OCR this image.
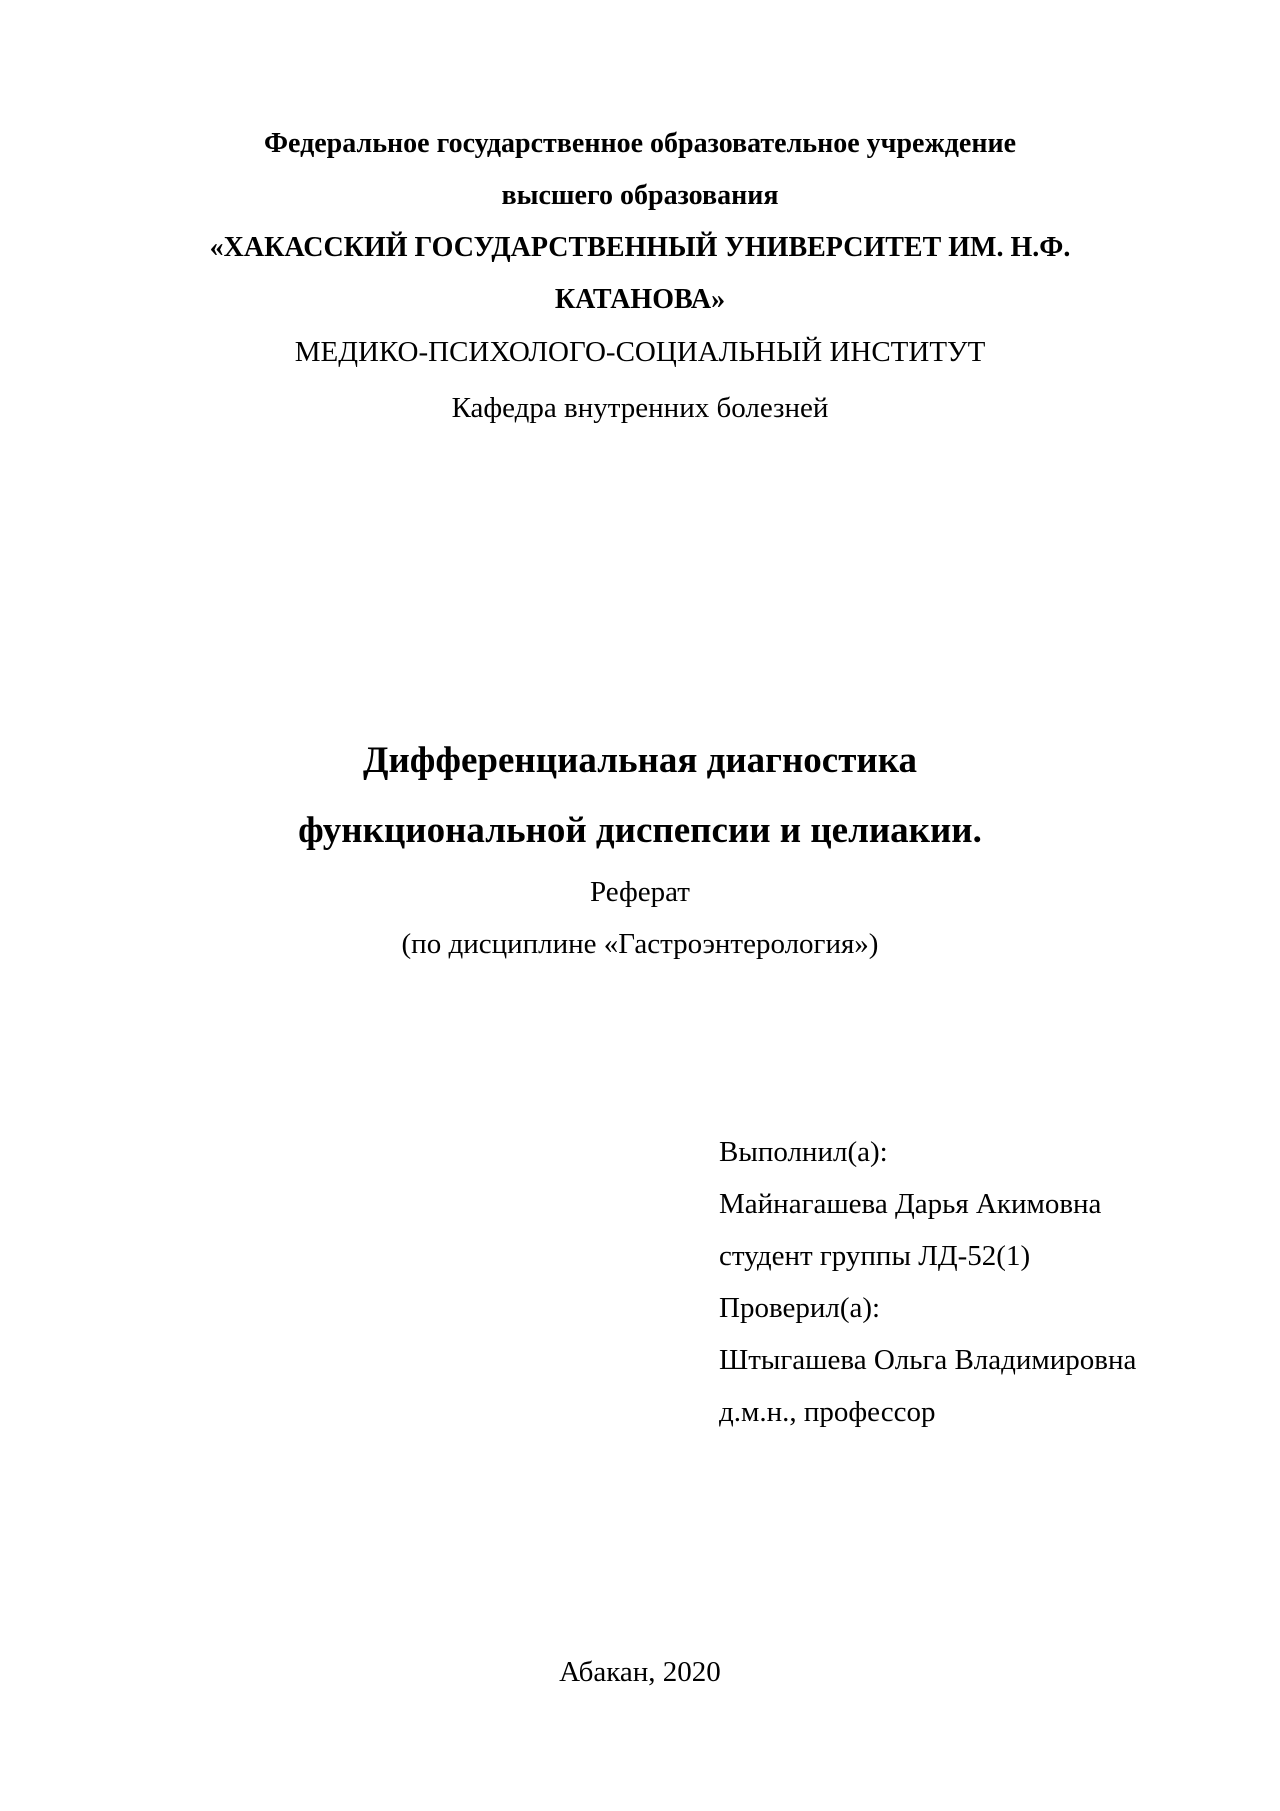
Федеральное государственное образовательное учреждение
высшего образования
«ХАКАССКИЙ ГОСУДАРСТВЕННЫЙ УНИВЕРСИТЕТ ИМ. Н.Ф.
КАТАНОВА»
МЕДИКО-ПСИХОЛОГО-СОЦИАЛЬНЫЙ ИНСТИТУТ
Кафедра внутренних болезней
Дифференциальная диагностика
функциональной диспепсии и целиакии.
Реферат
(по дисциплине «Гастроэнтерология»)
Выполнил(а):
Майнагашева Дарья Акимовна
студент группы ЛД-52(1)
Проверил(а):
Штыгашева Ольга Владимировна
д.м.н., профессор
Абакан, 2020
